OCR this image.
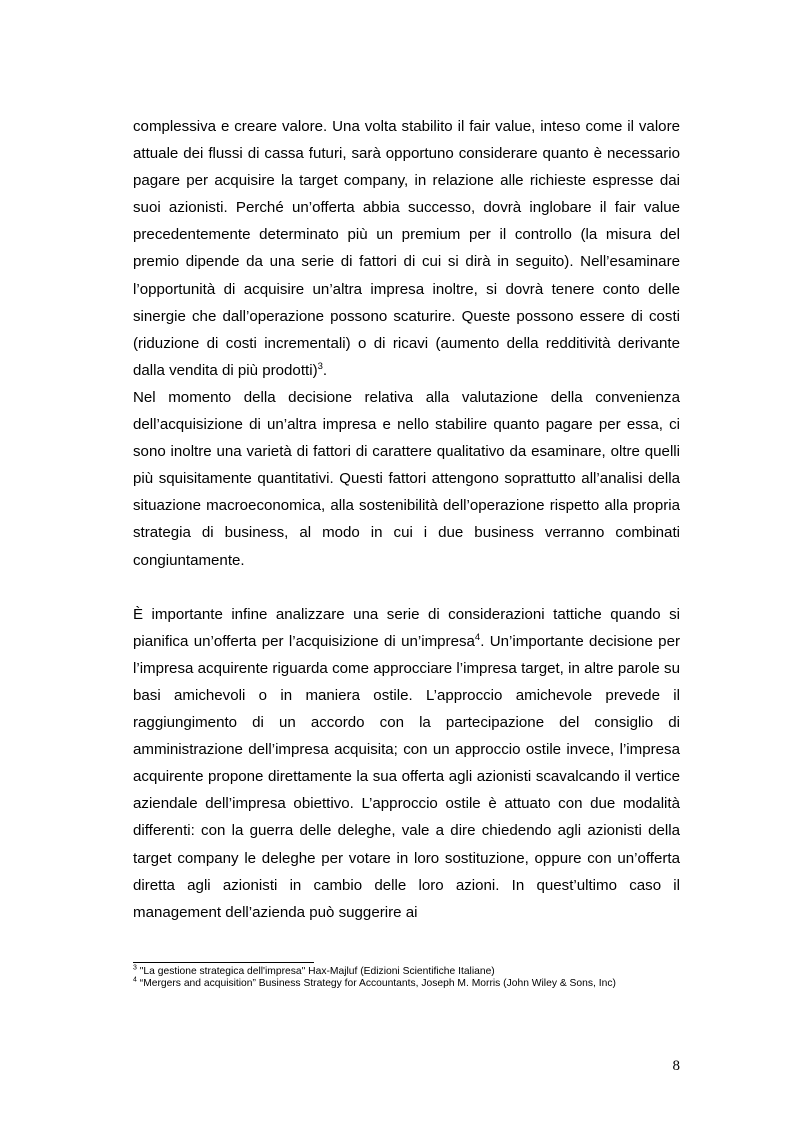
complessiva e creare valore. Una volta stabilito il fair value, inteso come il valore attuale dei flussi di cassa futuri, sarà opportuno considerare quanto è necessario pagare per acquisire la target company, in relazione alle richieste espresse dai suoi azionisti. Perché un’offerta abbia successo, dovrà inglobare il fair value precedentemente determinato più un premium per il controllo (la misura del premio dipende da una serie di fattori di cui si dirà in seguito). Nell’esaminare l’opportunità di acquisire un’altra impresa inoltre, si dovrà tenere conto delle sinergie che dall’operazione possono scaturire. Queste possono essere di costi (riduzione di costi incrementali) o di ricavi (aumento della redditività derivante dalla vendita di più prodotti)$^3$.

Nel momento della decisione relativa alla valutazione della convenienza dell’acquisizione di un’altra impresa e nello stabilire quanto pagare per essa, ci sono inoltre una varietà di fattori di carattere qualitativo da esaminare, oltre quelli più squisitamente quantitativi. Questi fattori attengono soprattutto all’analisi della situazione macroeconomica, alla sostenibilità dell’operazione rispetto alla propria strategia di business, al modo in cui i due business verranno combinati congiuntamente.

È importante infine analizzare una serie di considerazioni tattiche quando si pianifica un’offerta per l’acquisizione di un’impresa$^4$. Un’importante decisione per l’impresa acquirente riguarda come approcciare l’impresa target, in altre parole su basi amichevoli o in maniera ostile. L’approccio amichevole prevede il raggiungimento di un accordo con la partecipazione del consiglio di amministrazione dell’impresa acquisita; con un approccio ostile invece, l’impresa acquirente propone direttamente la sua offerta agli azionisti scavalcando il vertice aziendale dell’impresa obiettivo. L’approccio ostile è attuato con due modalità differenti: con la guerra delle deleghe, vale a dire chiedendo agli azionisti della target company le deleghe per votare in loro sostituzione, oppure con un’offerta diretta agli azionisti in cambio delle loro azioni. In quest’ultimo caso il management dell’azienda può suggerire ai

$^3$ "La gestione strategica dell'impresa" Hax-Majluf (Edizioni Scientifiche Italiane)

$^4$ “Mergers and acquisition” Business Strategy for Accountants, Joseph M. Morris (John Wiley & Sons, Inc)

8
